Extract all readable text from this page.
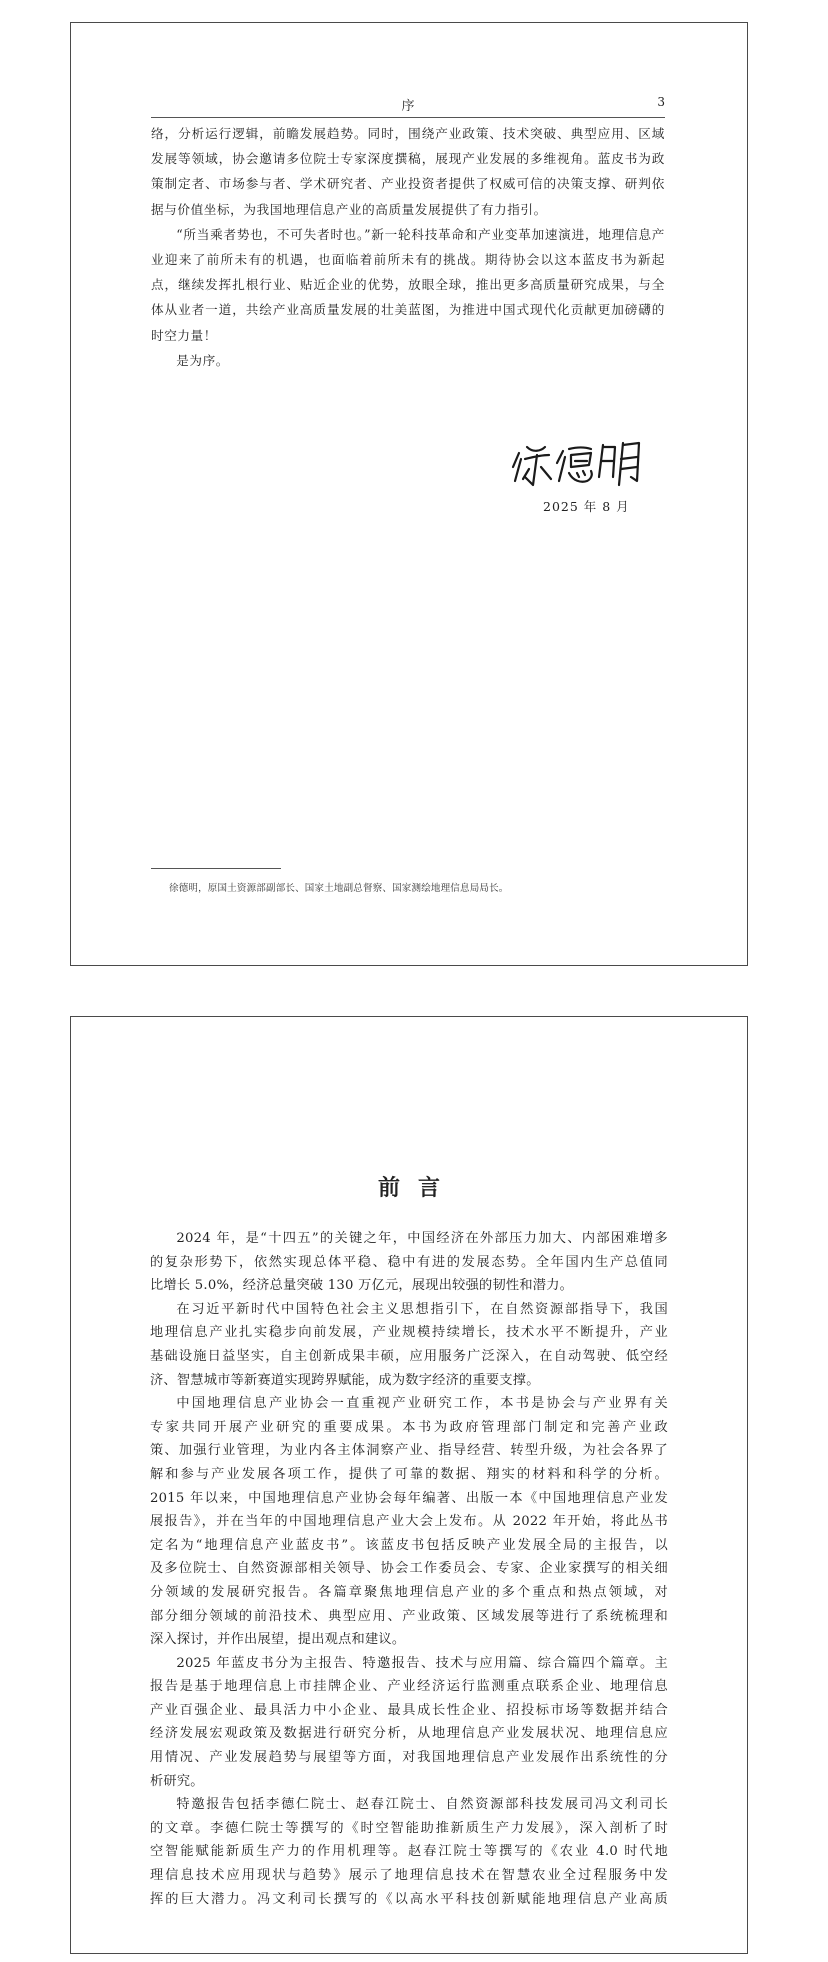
序	3

络，分析运行逻辑，前瞻发展趋势。同时，围绕产业政策、技术突破、典型应用、区域发展等领域，协会邀请多位院士专家深度撰稿，展现产业发展的多维视角。蓝皮书为政策制定者、市场参与者、学术研究者、产业投资者提供了权威可信的决策支撑、研判依据与价值坐标，为我国地理信息产业的高质量发展提供了有力指引。

“所当乘者势也，不可失者时也。”新一轮科技革命和产业变革加速演进，地理信息产业迎来了前所未有的机遇，也面临着前所未有的挑战。期待协会以这本蓝皮书为新起点，继续发挥扎根行业、贴近企业的优势，放眼全球，推出更多高质量研究成果，与全体从业者一道，共绘产业高质量发展的壮美蓝图，为推进中国式现代化贡献更加磅礴的时空力量！

是为序。

徐德明
2025 年 8 月
徐德明，原国土资源部副部长、国家土地副总督察、国家测绘地理信息局局长。
前言
2024 年，是“十四五”的关键之年，中国经济在外部压力加大、内部困难增多
的复杂形势下，依然实现总体平稳、稳中有进的发展态势。全年国内生产总值同
比增长 5.0%，经济总量突破 130 万亿元，展现出较强的韧性和潜力。
在习近平新时代中国特色社会主义思想指引下，在自然资源部指导下，我国
地理信息产业扎实稳步向前发展，产业规模持续增长，技术水平不断提升，产业
基础设施日益坚实，自主创新成果丰硕，应用服务广泛深入，在自动驾驶、低空经
济、智慧城市等新赛道实现跨界赋能，成为数字经济的重要支撑。
中国地理信息产业协会一直重视产业研究工作，本书是协会与产业界有关
专家共同开展产业研究的重要成果。本书为政府管理部门制定和完善产业政
策、加强行业管理，为业内各主体洞察产业、指导经营、转型升级，为社会各界了
解和参与产业发展各项工作，提供了可靠的数据、翔实的材料和科学的分析。
2015 年以来，中国地理信息产业协会每年编著、出版一本《中国地理信息产业发
展报告》，并在当年的中国地理信息产业大会上发布。从 2022 年开始，将此丛书
定名为“地理信息产业蓝皮书”。该蓝皮书包括反映产业发展全局的主报告，以
及多位院士、自然资源部相关领导、协会工作委员会、专家、企业家撰写的相关细
分领域的发展研究报告。各篇章聚焦地理信息产业的多个重点和热点领域，对
部分细分领域的前沿技术、典型应用、产业政策、区域发展等进行了系统梳理和
深入探讨，并作出展望，提出观点和建议。
2025 年蓝皮书分为主报告、特邀报告、技术与应用篇、综合篇四个篇章。主
报告是基于地理信息上市挂牌企业、产业经济运行监测重点联系企业、地理信息
产业百强企业、最具活力中小企业、最具成长性企业、招投标市场等数据并结合
经济发展宏观政策及数据进行研究分析，从地理信息产业发展状况、地理信息应
用情况、产业发展趋势与展望等方面，对我国地理信息产业发展作出系统性的分
析研究。
特邀报告包括李德仁院士、赵春江院士、自然资源部科技发展司冯文利司长
的文章。李德仁院士等撰写的《时空智能助推新质生产力发展》，深入剖析了时
空智能赋能新质生产力的作用机理等。赵春江院士等撰写的《农业 4.0 时代地
理信息技术应用现状与趋势》展示了地理信息技术在智慧农业全过程服务中发
挥的巨大潜力。冯文利司长撰写的《以高水平科技创新赋能地理信息产业高质
